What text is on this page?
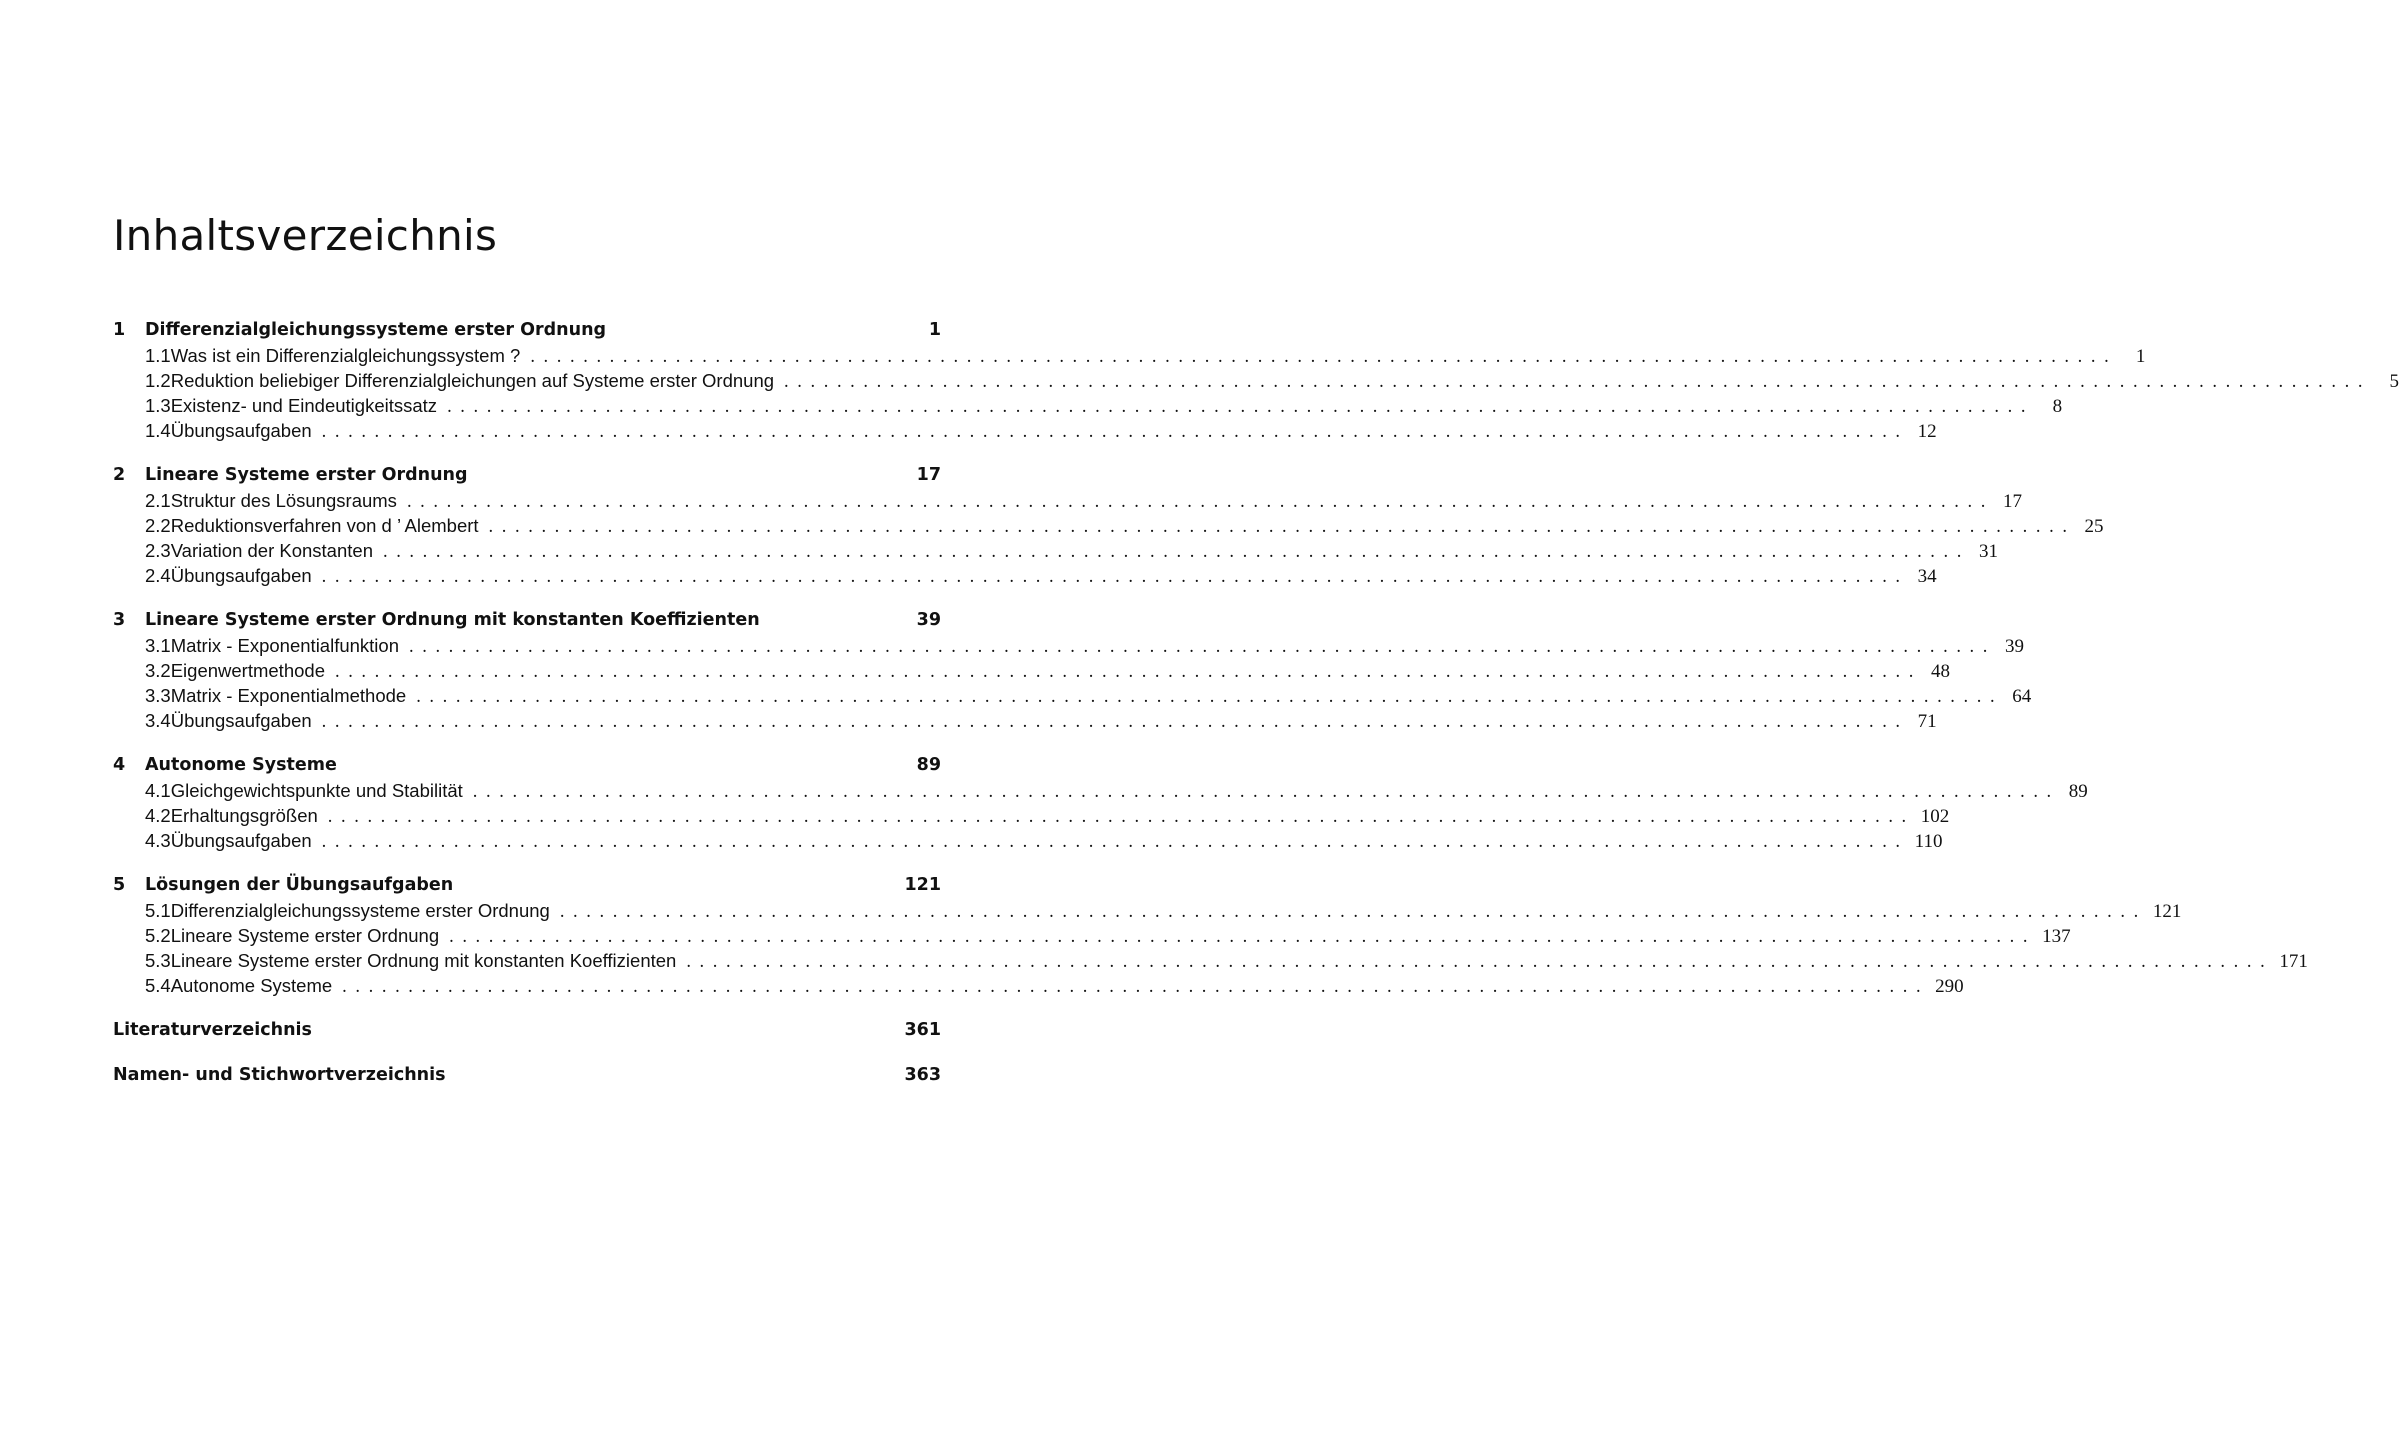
Inhaltsverzeichnis
1	Differenzialgleichungssysteme erster Ordnung	1
1.1 Was ist ein Differenzialgleichungssystem ? ........................................................................................................................ 1
1.2 Reduktion beliebiger Differenzialgleichungen auf Systeme erster Ordnung ........................................................................................................................ 5
1.3 Existenz- und Eindeutigkeitssatz ........................................................................................................................ 8
1.4 Übungsaufgaben ........................................................................................................................ 12
2	Lineare Systeme erster Ordnung	17
2.1 Struktur des Lösungsraums ........................................................................................................................ 17
2.2 Reduktionsverfahren von d ’ Alembert ........................................................................................................................ 25
2.3 Variation der Konstanten ........................................................................................................................ 31
2.4 Übungsaufgaben ........................................................................................................................ 34
3	Lineare Systeme erster Ordnung mit konstanten Koeffizienten	39
3.1 Matrix - Exponentialfunktion ........................................................................................................................ 39
3.2 Eigenwertmethode ........................................................................................................................ 48
3.3 Matrix - Exponentialmethode ........................................................................................................................ 64
3.4 Übungsaufgaben ........................................................................................................................ 71
4	Autonome Systeme	89
4.1 Gleichgewichtspunkte und Stabilität ........................................................................................................................ 89
4.2 Erhaltungsgrößen ........................................................................................................................ 102
4.3 Übungsaufgaben ........................................................................................................................ 110
5	Lösungen der Übungsaufgaben	121
5.1 Differenzialgleichungssysteme erster Ordnung ........................................................................................................................ 121
5.2 Lineare Systeme erster Ordnung ........................................................................................................................ 137
5.3 Lineare Systeme erster Ordnung mit konstanten Koeffizienten ........................................................................................................................ 171
5.4 Autonome Systeme ........................................................................................................................ 290
Literaturverzeichnis	361
Namen- und Stichwortverzeichnis	363
